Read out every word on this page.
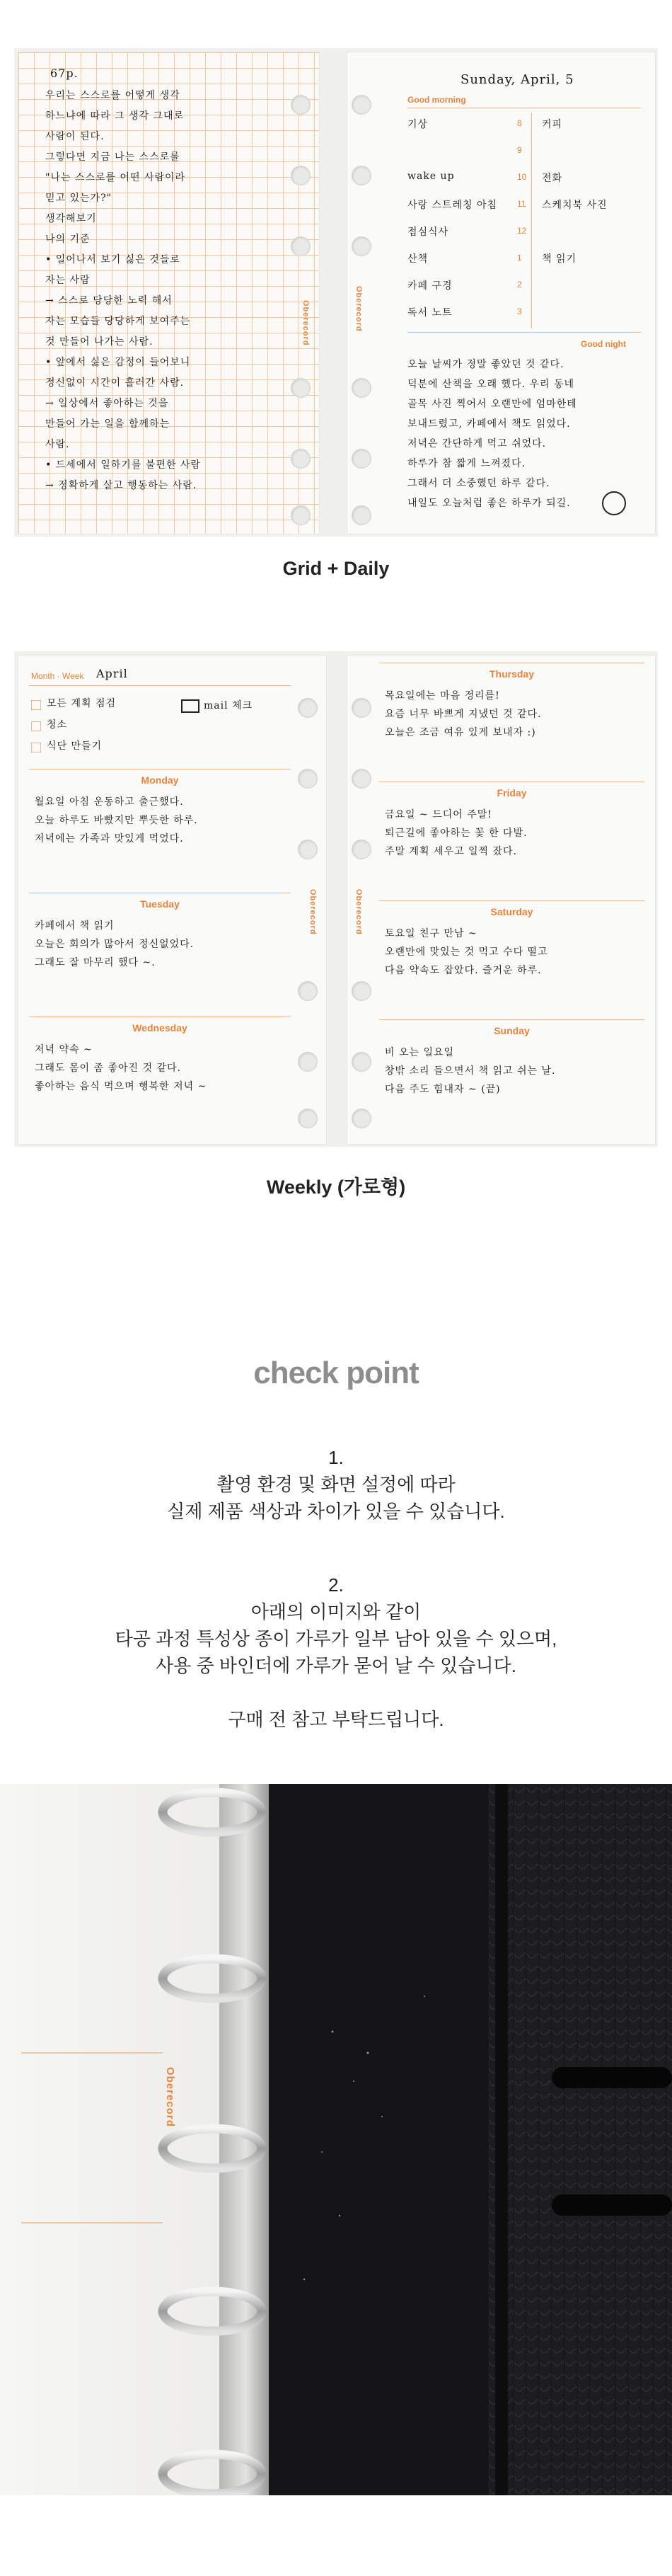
67p.
우리는 스스로를 어떻게 생각
하느냐에 따라 그 생각 그대로
사람이 된다.
그렇다면 지금 나는 스스로를
"나는 스스로를 어떤 사람이라
믿고 있는가?"
생각해보기
나의 기준
• 일어나서 보기 싫은 것들로
자는 사람
→ 스스로 당당한 노력 해서
자는 모습들 당당하게 보여주는
것 만들어 나가는 사람.
• 앞에서 싫은 감정이 들어보니
정신없이 시간이 흘러간 사람.
→ 일상에서 좋아하는 것을
만들어 가는 일을 함께하는
사람.
• 드세에서 일하기를 불편한 사람
→ 정확하게 살고 행동하는 사람.
Oberecord	Oberecord
Sunday, April, 5
Good morning
기상	8 커피
9
wake up	10 전화
사랑 스트레칭 아침 11 스케치북 사진
점심식사	12
산책	1 책 읽기
카페 구경	2
독서 노트	3
Good night
오늘 날씨가 정말 좋았던 것 같다.
덕분에 산책을 오래 했다. 우리 동네
골목 사진 찍어서 오랜만에 엄마한테
보내드렸고, 카페에서 책도 읽었다.
저녁은 간단하게 먹고 쉬었다.
하루가 참 짧게 느껴졌다.
그래서 더 소중했던 하루 같다.
내일도 오늘처럼 좋은 하루가 되길.
Grid + Daily
Month · Week April
모든 계획 점검
청소
식단 만들기
mail 체크
Oberecord
Monday
월요일 아침 운동하고 출근했다.
오늘 하루도 바빴지만 뿌듯한 하루.
저녁에는 가족과 맛있게 먹었다.
Tuesday
카페에서 책 읽기
오늘은 회의가 많아서 정신없었다.
그래도 잘 마무리 했다 ~.
Wednesday
저녁 약속 ~
그래도 몸이 좀 좋아진 것 같다.
좋아하는 음식 먹으며 행복한 저녁 ~
Oberecord
Thursday
목요일에는 마음 정리를!
요즘 너무 바쁘게 지냈던 것 같다.
오늘은 조금 여유 있게 보내자 :)
Friday
금요일 ~ 드디어 주말!
퇴근길에 좋아하는 꽃 한 다발.
주말 계획 세우고 일찍 잤다.
Saturday
토요일 친구 만남 ~
오랜만에 맛있는 것 먹고 수다 떨고
다음 약속도 잡았다. 즐거운 하루.
Sunday
비 오는 일요일
창밖 소리 들으면서 책 읽고 쉬는 날.
다음 주도 힘내자 ~ (끝)
Weekly (가로형)
check point
1.
촬영 환경 및 화면 설정에 따라
실제 제품 색상과 차이가 있을 수 있습니다.
2.
아래의 이미지와 같이
타공 과정 특성상 종이 가루가 일부 남아 있을 수 있으며,
사용 중 바인더에 가루가 묻어 날 수 있습니다.
구매 전 참고 부탁드립니다.
Oberecord
